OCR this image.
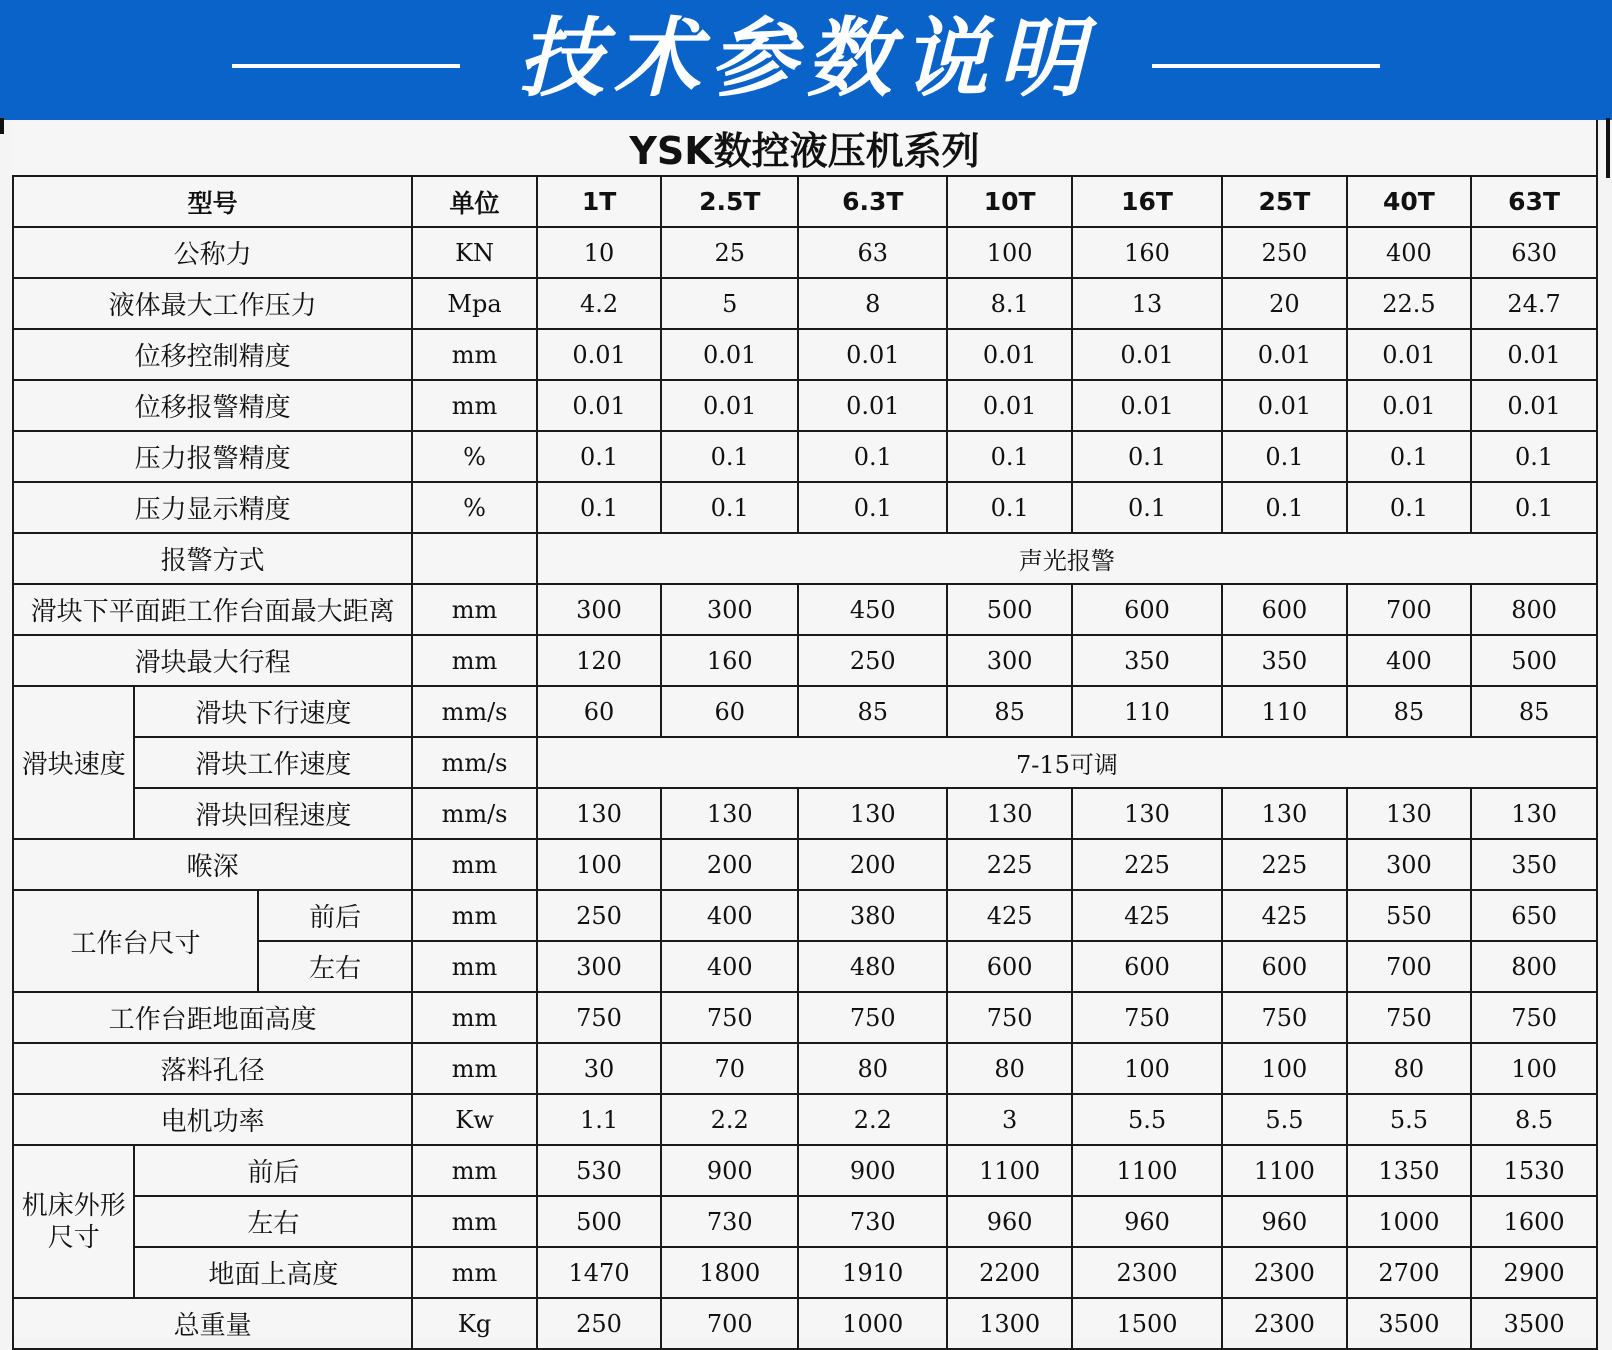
技术参数说明
YSK数控液压机系列											
型号			单位	1T	2.5T	6.3T	10T	16T	25T	40T	63T
公称力			KN	10	25	63	100	160	250	400	630
液体最大工作压力			Mpa	4.2	5	8	8.1	13	20	22.5	24.7
位移控制精度			mm	0.01	0.01	0.01	0.01	0.01	0.01	0.01	0.01
位移报警精度			mm	0.01	0.01	0.01	0.01	0.01	0.01	0.01	0.01
压力报警精度			%	0.1	0.1	0.1	0.1	0.1	0.1	0.1	0.1
压力显示精度			%	0.1	0.1	0.1	0.1	0.1	0.1	0.1	0.1
报警方式				声光报警							
滑块下平面距工作台面最大距离			mm	300	300	450	500	600	600	700	800
滑块最大行程			mm	120	160	250	300	350	350	400	500
滑块速度	滑块下行速度		mm/s	60	60	85	85	110	110	85	85
	滑块工作速度		mm/s	7-15可调							
	滑块回程速度		mm/s	130	130	130	130	130	130	130	130
喉深			mm	100	200	200	225	225	225	300	350
工作台尺寸		前后	mm	250	400	380	425	425	425	550	650
		左右	mm	300	400	480	600	600	600	700	800
工作台距地面高度			mm	750	750	750	750	750	750	750	750
落料孔径			mm	30	70	80	80	100	100	80	100
电机功率			Kw	1.1	2.2	2.2	3	5.5	5.5	5.5	8.5
机床外形尺寸	前后		mm	530	900	900	1100	1100	1100	1350	1530
	左右		mm	500	730	730	960	960	960	1000	1600
	地面上高度		mm	1470	1800	1910	2200	2300	2300	2700	2900
总重量			Kg	250	700	1000	1300	1500	2300	3500	3500
